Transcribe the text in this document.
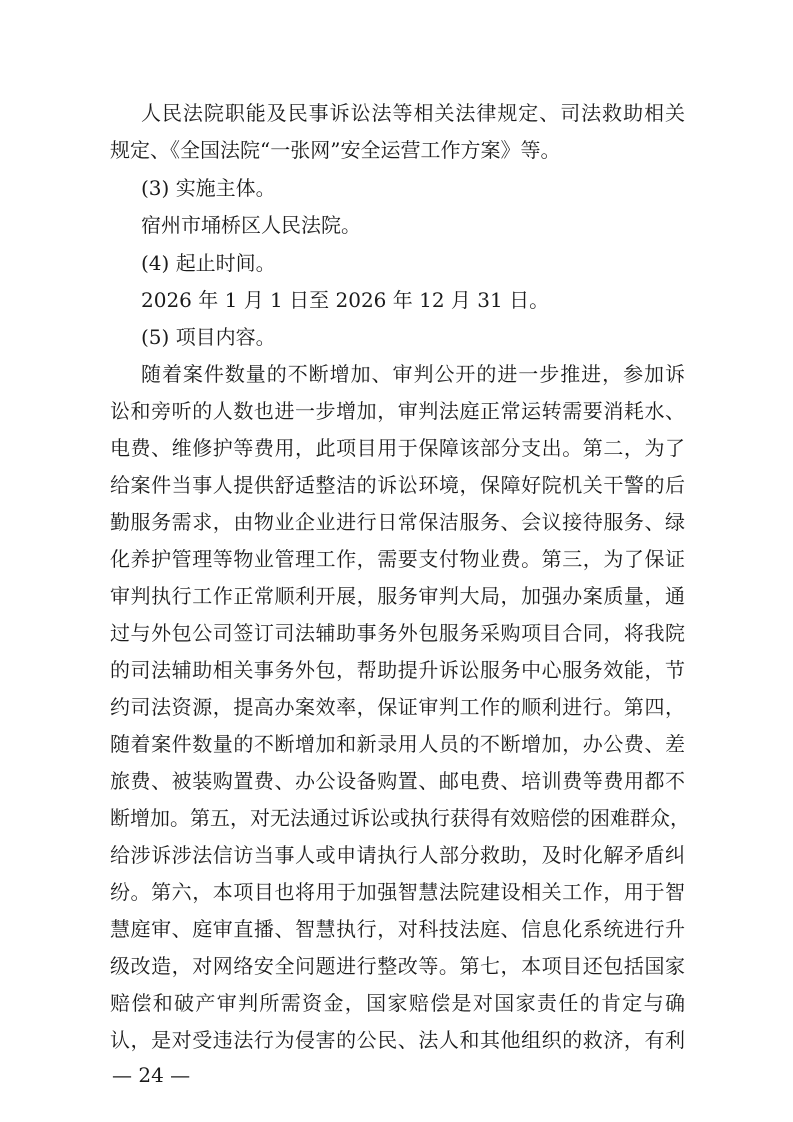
人民法院职能及民事诉讼法等相关法律规定、司法救助相关
规定、《全国法院“一张网”安全运营工作方案》等。
(3) 实施主体。
宿州市埇桥区人民法院。
(4) 起止时间。
2026 年 1 月 1 日至 2026 年 12 月 31 日。
(5) 项目内容。
随着案件数量的不断增加、审判公开的进一步推进，参加诉
讼和旁听的人数也进一步增加，审判法庭正常运转需要消耗水、
电费、维修护等费用，此项目用于保障该部分支出。第二，为了
给案件当事人提供舒适整洁的诉讼环境，保障好院机关干警的后
勤服务需求，由物业企业进行日常保洁服务、会议接待服务、绿
化养护管理等物业管理工作，需要支付物业费。第三，为了保证
审判执行工作正常顺利开展，服务审判大局，加强办案质量，通
过与外包公司签订司法辅助事务外包服务采购项目合同，将我院
的司法辅助相关事务外包，帮助提升诉讼服务中心服务效能，节
约司法资源，提高办案效率，保证审判工作的顺利进行。第四，
随着案件数量的不断增加和新录用人员的不断增加，办公费、差
旅费、被装购置费、办公设备购置、邮电费、培训费等费用都不
断增加。第五，对无法通过诉讼或执行获得有效赔偿的困难群众，
给涉诉涉法信访当事人或申请执行人部分救助，及时化解矛盾纠
纷。第六，本项目也将用于加强智慧法院建设相关工作，用于智
慧庭审、庭审直播、智慧执行，对科技法庭、信息化系统进行升
级改造，对网络安全问题进行整改等。第七，本项目还包括国家
赔偿和破产审判所需资金，国家赔偿是对国家责任的肯定与确
— 24 —
认，是对受违法行为侵害的公民、法人和其他组织的救济，有利
